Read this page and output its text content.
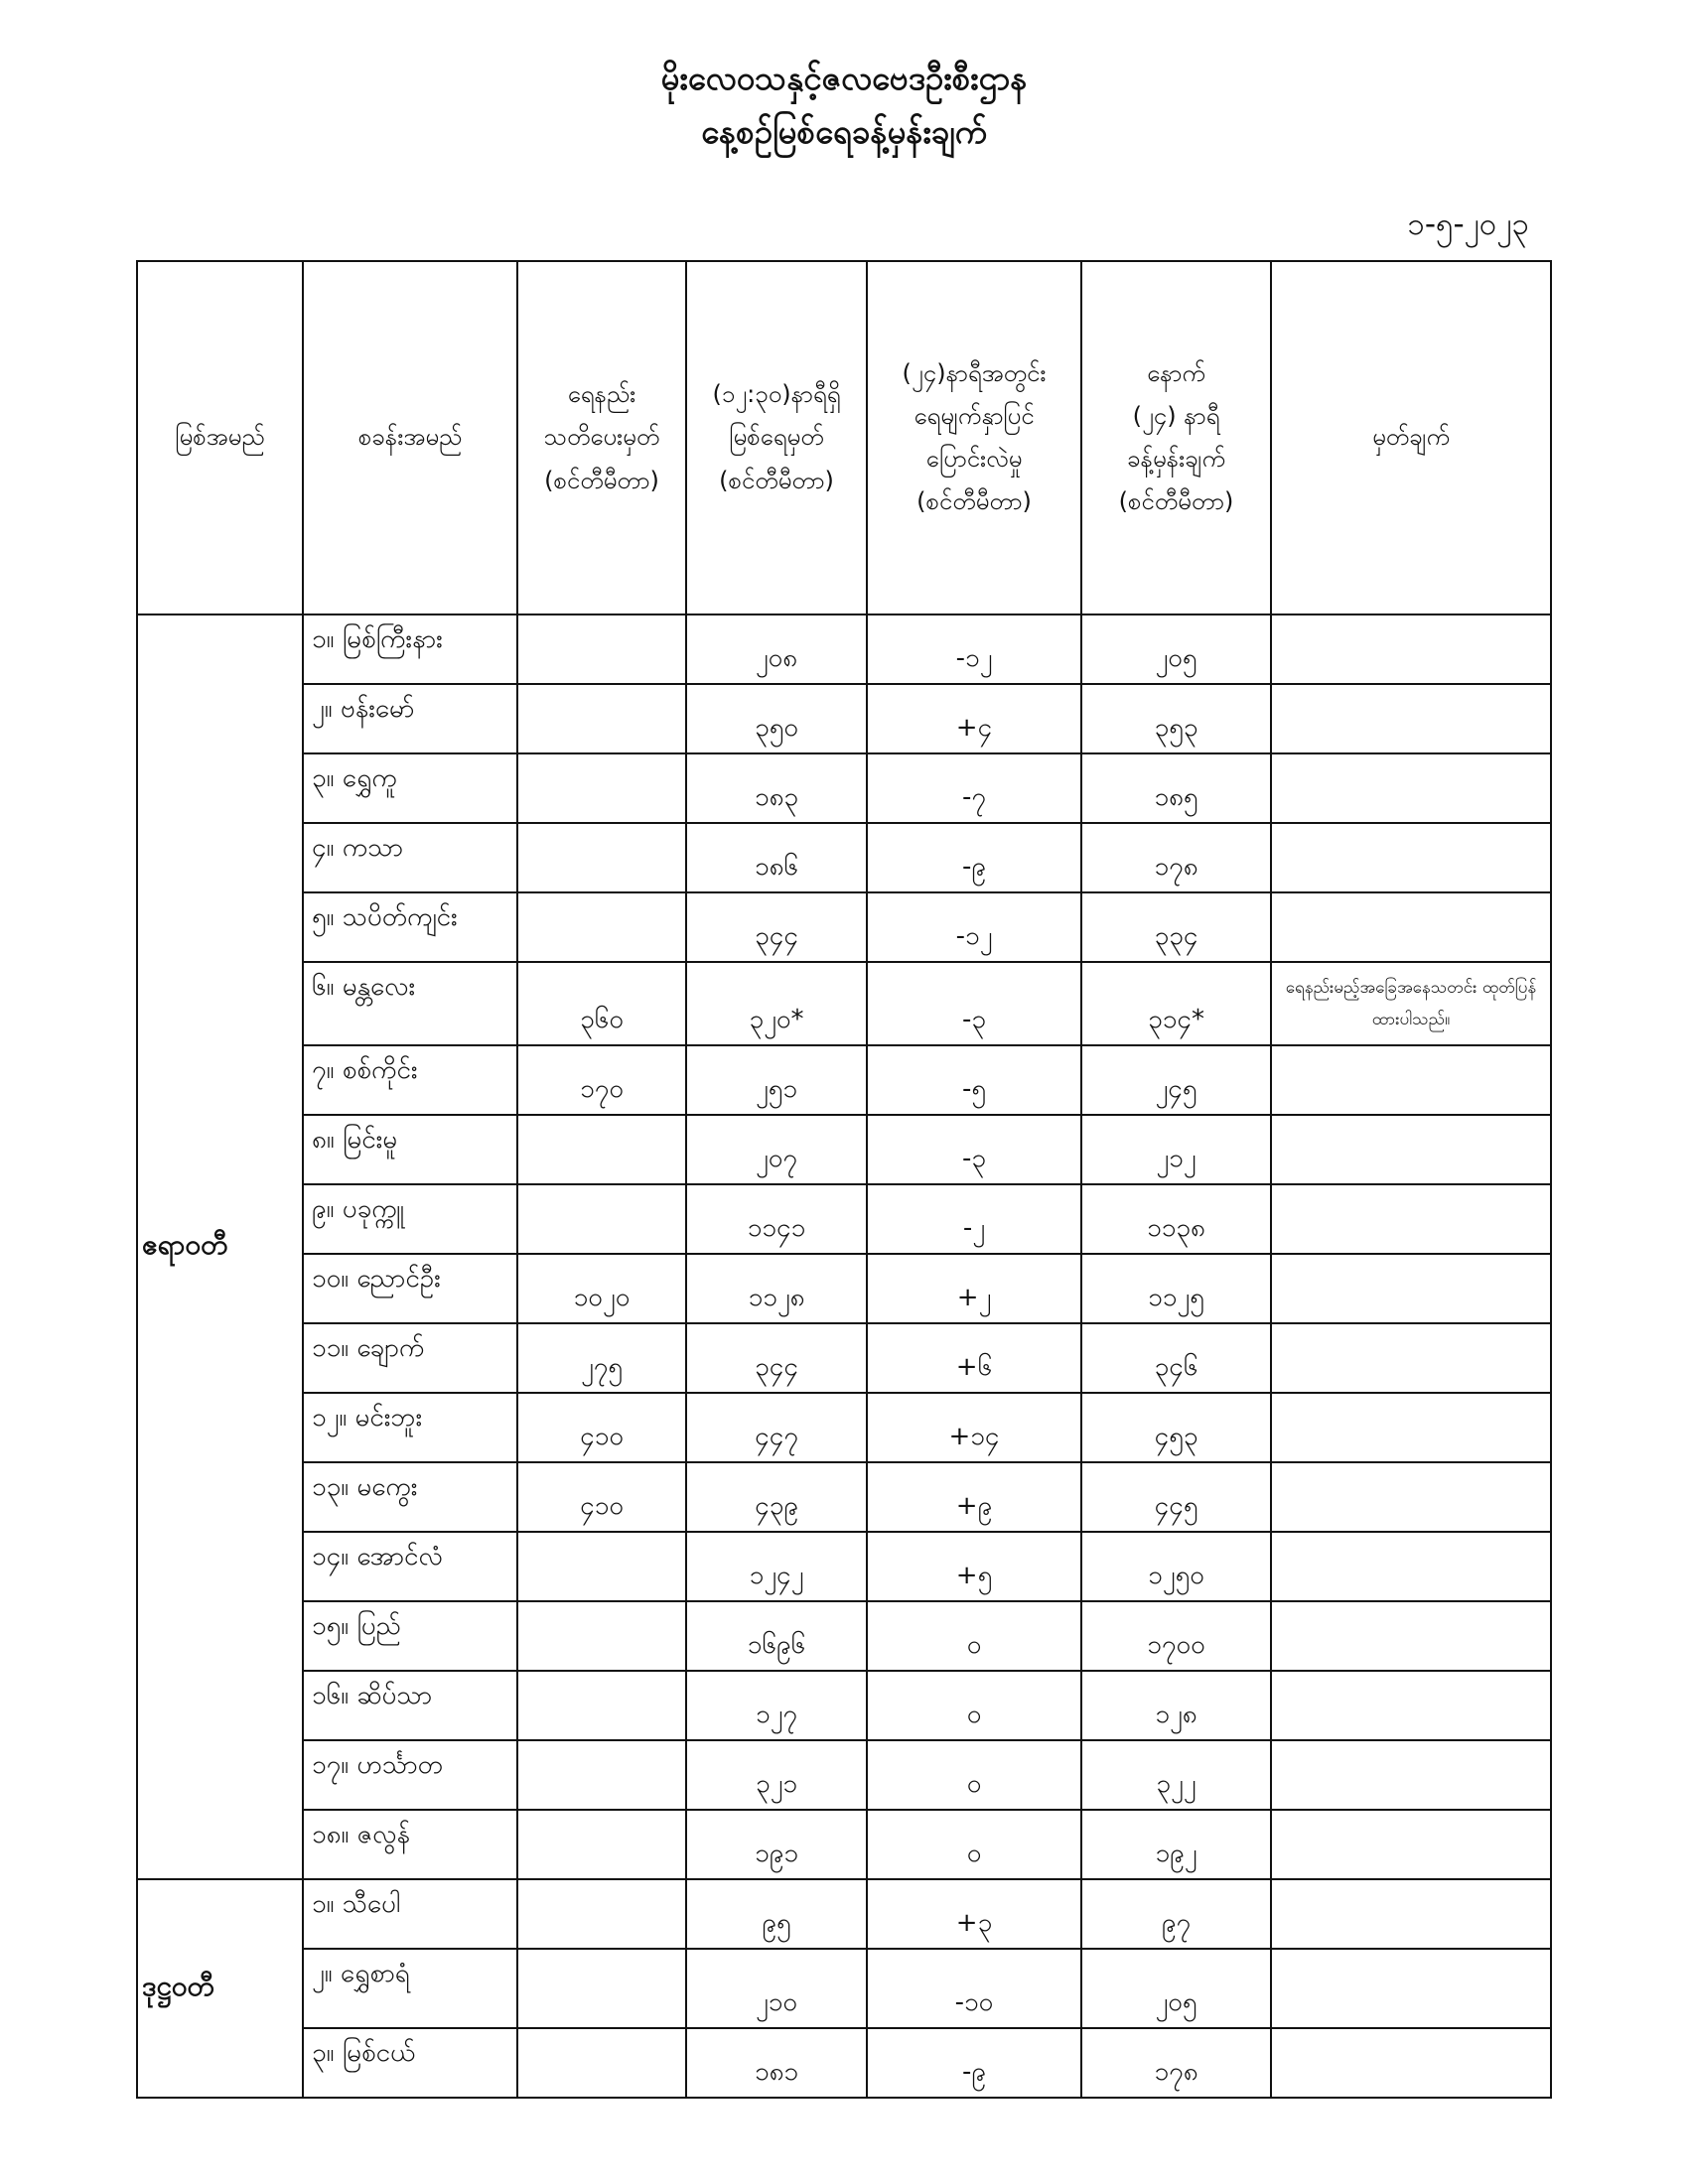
မိုးလေဝသနှင့်ဇလဗေဒဦးစီးဌာန
နေ့စဉ်မြစ်ရေခန့်မှန်းချက်
၁-၅-၂၀၂၃
မြစ်အမည်	စခန်းအမည်	ရေနည်း
သတိပေးမှတ်
(စင်တီမီတာ)	(၁၂:၃၀)နာရီရှိ
မြစ်ရေမှတ်
(စင်တီမီတာ)	(၂၄)နာရီအတွင်း
ရေမျက်နှာပြင်
ပြောင်းလဲမှု
(စင်တီမီတာ)	နောက်
(၂၄) နာရီ
ခန့်မှန်းချက်
(စင်တီမီတာ)	မှတ်ချက်
ဧရာဝတီ	၁။ မြစ်ကြီးနား		၂၀၈	-၁၂	၂၀၅	
	၂။ ဗန်းမော်		၃၅၀	+၄	၃၅၃	
	၃။ ရွှေကူ		၁၈၃	-၇	၁၈၅	
	၄။ ကသာ		၁၈၆	-၉	၁၇၈	
	၅။ သပိတ်ကျင်း		၃၄၄	-၁၂	၃၃၄	
	၆။ မန္တလေး	၃၆၀	၃၂၀*	-၃	၃၁၄*	ရေနည်းမည့်အခြေအနေသတင်း ထုတ်ပြန်ထားပါသည်။
	၇။ စစ်ကိုင်း	၁၇၀	၂၅၁	-၅	၂၄၅	
	၈။ မြင်းမူ		၂၀၇	-၃	၂၁၂	
	၉။ ပခုက္ကူ		၁၁၄၁	-၂	၁၁၃၈	
	၁၀။ ညောင်ဦး	၁၀၂၀	၁၁၂၈	+၂	၁၁၂၅	
	၁၁။ ချောက်	၂၇၅	၃၄၄	+၆	၃၄၆	
	၁၂။ မင်းဘူး	၄၁၀	၄၄၇	+၁၄	၄၅၃	
	၁၃။ မကွေး	၄၁၀	၄၃၉	+၉	၄၄၅	
	၁၄။ အောင်လံ		၁၂၄၂	+၅	၁၂၅၀	
	၁၅။ ပြည်		၁၆၉၆	၀	၁၇၀၀	
	၁၆။ ဆိပ်သာ		၁၂၇	၀	၁၂၈	
	၁၇။ ဟင်္သာတ		၃၂၁	၀	၃၂၂	
	၁၈။ ဇလွန်		၁၉၁	၀	၁၉၂	
ဒုဋ္ဌဝတီ	၁။ သီပေါ		၉၅	+၃	၉၇	
	၂။ ရွှေစာရံ		၂၁၀	-၁၀	၂၀၅	
	၃။ မြစ်ငယ်		၁၈၁	-၉	၁၇၈	
